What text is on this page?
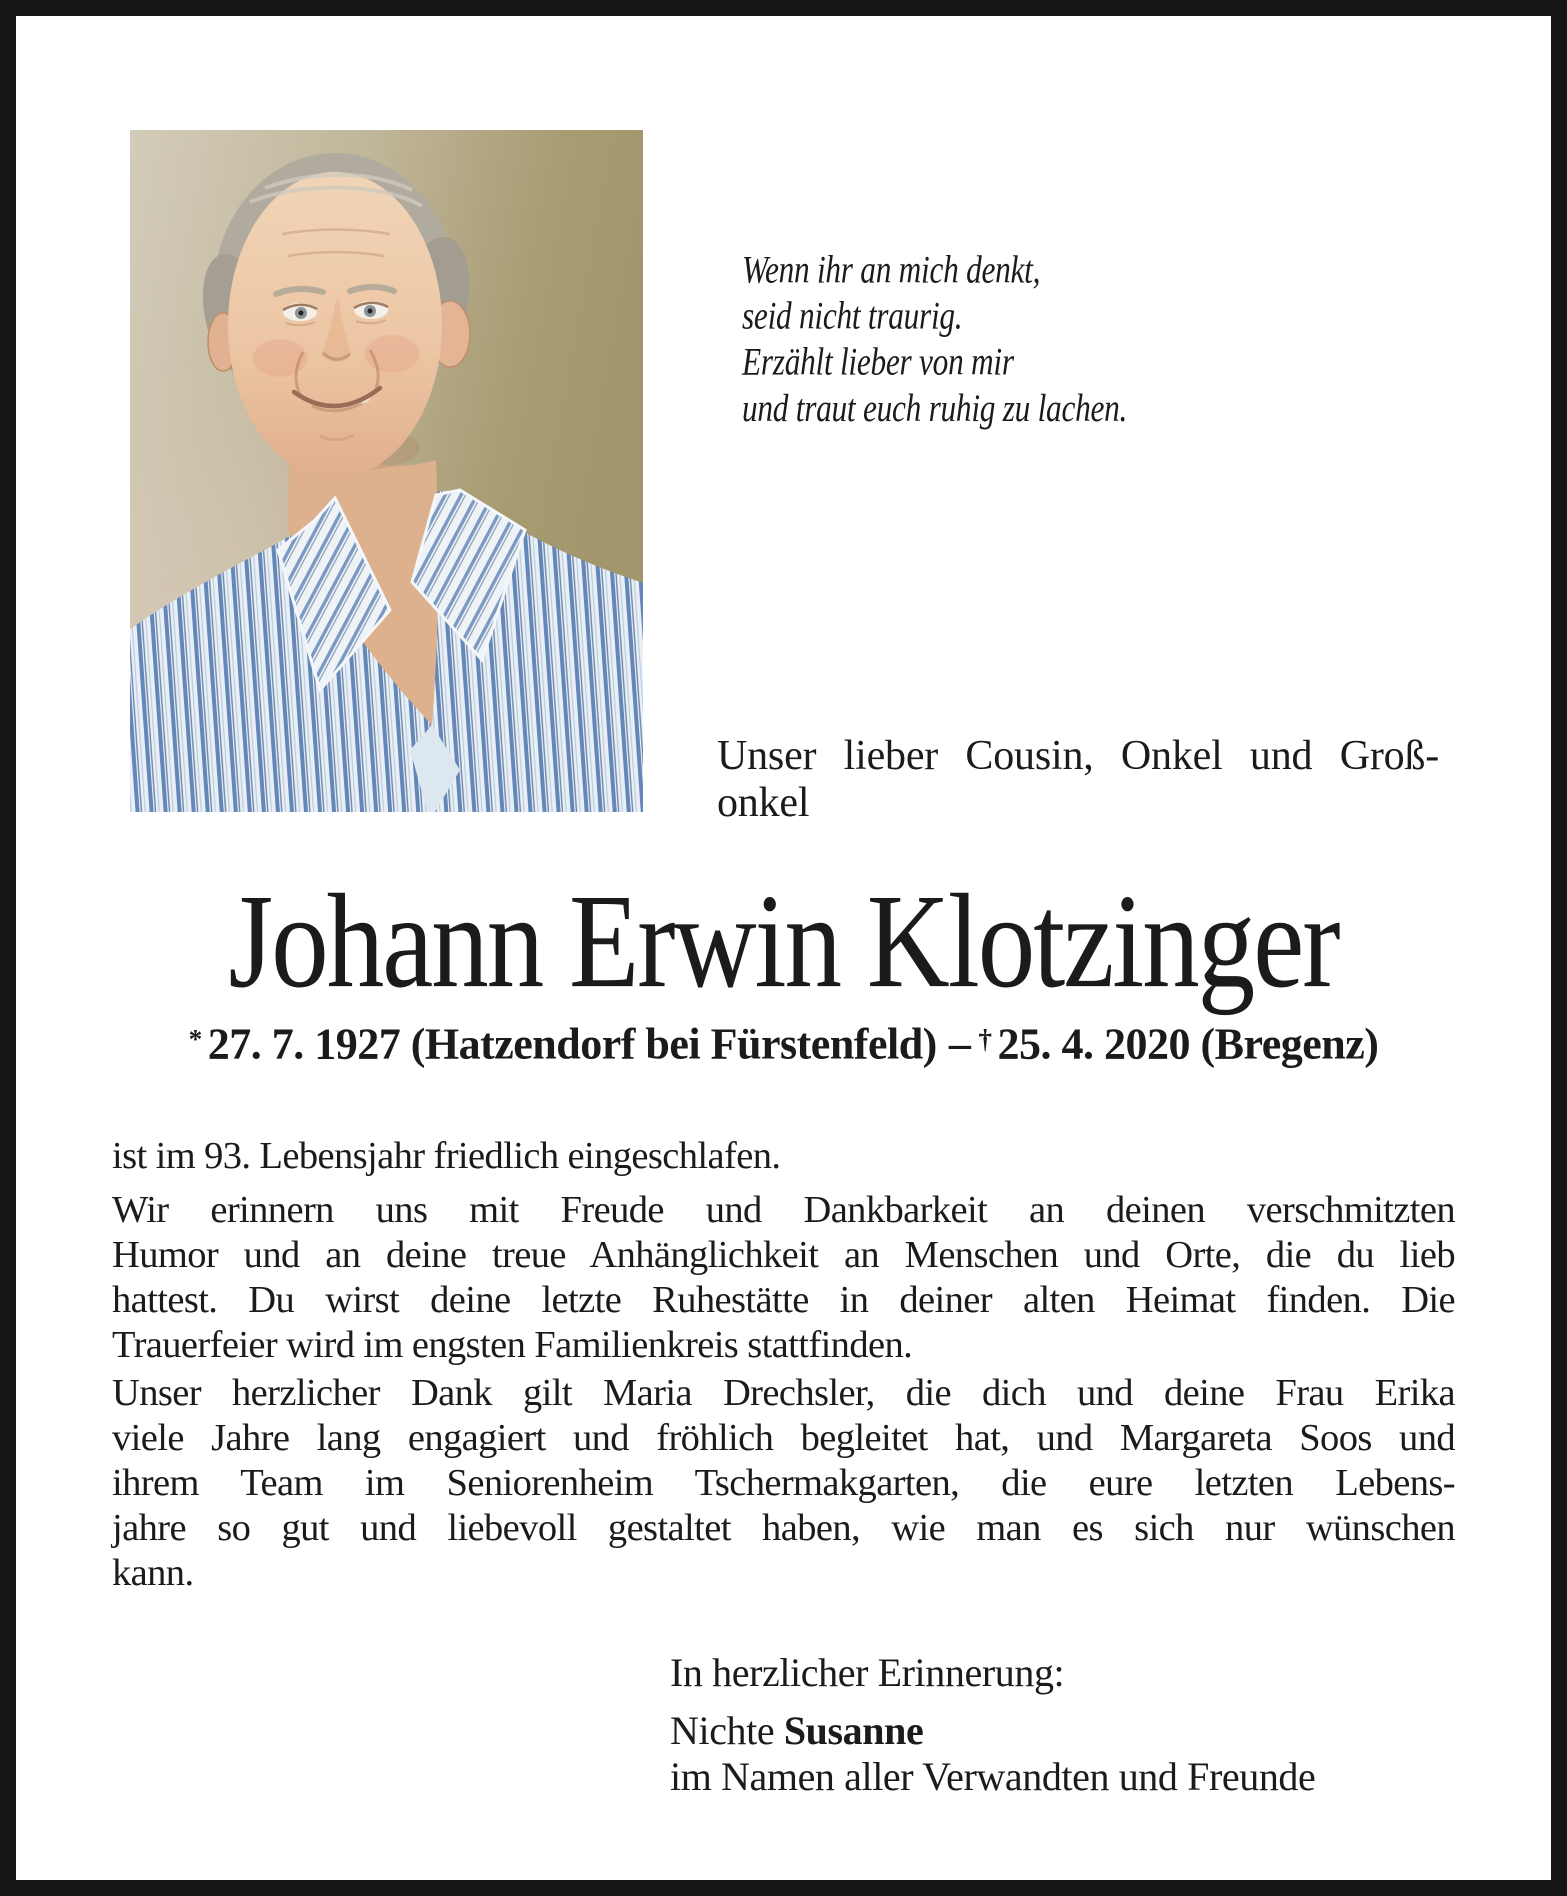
Wenn ihr an mich denkt,
seid nicht traurig.
Erzählt lieber von mir
und traut euch ruhig zu lachen.
Unser lieber Cousin, Onkel und Groß-
onkel
Johann Erwin Klotzinger
* 27. 7. 1927 (Hatzendorf bei Fürstenfeld) – † 25. 4. 2020 (Bregenz)
ist im 93. Lebensjahr friedlich eingeschlafen.
Wir erinnern uns mit Freude und Dankbarkeit an deinen verschmitzten
Humor und an deine treue Anhänglichkeit an Menschen und Orte, die du lieb
hattest. Du wirst deine letzte Ruhestätte in deiner alten Heimat finden. Die
Trauerfeier wird im engsten Familienkreis stattfinden.
Unser herzlicher Dank gilt Maria Drechsler, die dich und deine Frau Erika
viele Jahre lang engagiert und fröhlich begleitet hat, und Margareta Soos und
ihrem Team im Seniorenheim Tschermakgarten, die eure letzten Lebens-
jahre so gut und liebevoll gestaltet haben, wie man es sich nur wünschen
kann.
In herzlicher Erinnerung:
Nichte Susanne
im Namen aller Verwandten und Freunde
